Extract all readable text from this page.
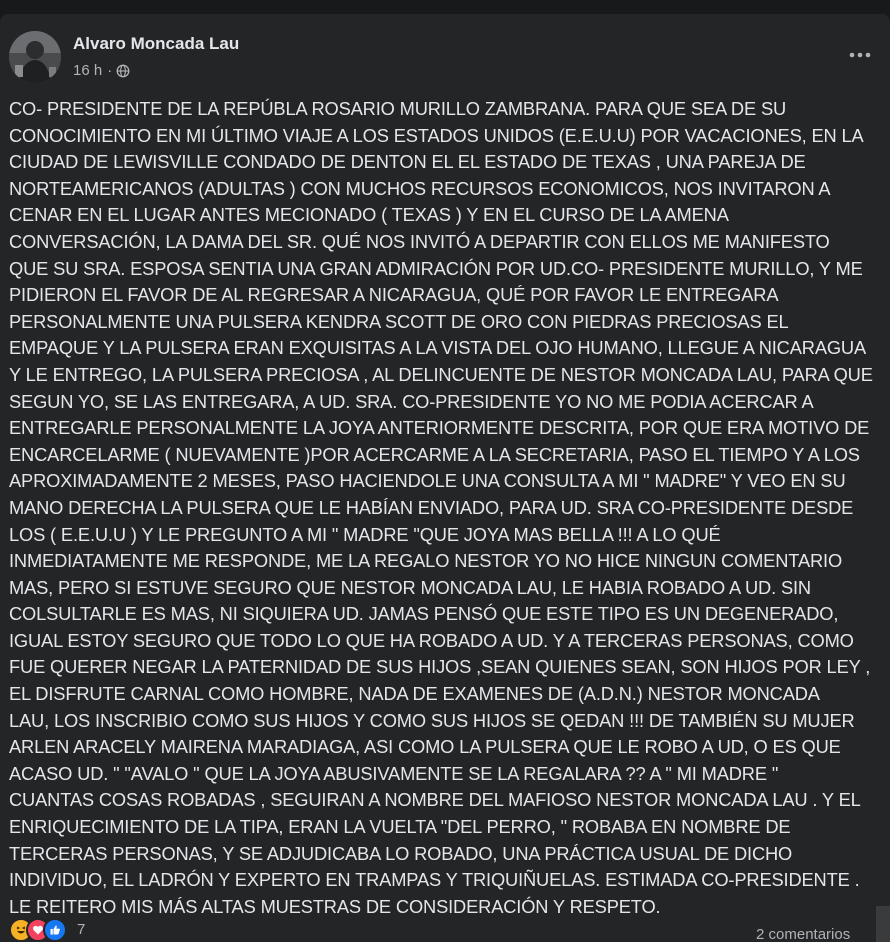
Alvaro Moncada Lau
16 h ·

CO- PRESIDENTE DE LA REPÚBLA ROSARIO MURILLO ZAMBRANA. PARA QUE SEA DE SU
CONOCIMIENTO EN MI ÚLTIMO VIAJE A LOS ESTADOS UNIDOS (E.E.U.U) POR VACACIONES, EN LA
CIUDAD DE LEWISVILLE CONDADO DE DENTON EL EL ESTADO DE TEXAS , UNA PAREJA DE
NORTEAMERICANOS (ADULTAS ) CON MUCHOS RECURSOS ECONOMICOS, NOS INVITARON A
CENAR EN EL LUGAR ANTES MECIONADO ( TEXAS ) Y EN EL CURSO DE LA AMENA
CONVERSACIÓN, LA DAMA DEL SR. QUÉ NOS INVITÓ A DEPARTIR CON ELLOS ME MANIFESTO
QUE SU SRA. ESPOSA SENTIA UNA GRAN ADMIRACIÓN POR UD.CO- PRESIDENTE MURILLO, Y ME
PIDIERON EL FAVOR DE AL REGRESAR A NICARAGUA, QUÉ POR FAVOR LE ENTREGARA
PERSONALMENTE UNA PULSERA KENDRA SCOTT DE ORO CON PIEDRAS PRECIOSAS EL
EMPAQUE Y LA PULSERA ERAN EXQUISITAS A LA VISTA DEL OJO HUMANO, LLEGUE A NICARAGUA
Y LE ENTREGO, LA PULSERA PRECIOSA , AL DELINCUENTE DE NESTOR MONCADA LAU, PARA QUE
SEGUN YO, SE LAS ENTREGARA, A UD. SRA. CO-PRESIDENTE YO NO ME PODIA ACERCAR A
ENTREGARLE PERSONALMENTE LA JOYA ANTERIORMENTE DESCRITA, POR QUE ERA MOTIVO DE
ENCARCELARME ( NUEVAMENTE )POR ACERCARME A LA SECRETARIA, PASO EL TIEMPO Y A LOS
APROXIMADAMENTE 2 MESES, PASO HACIENDOLE UNA CONSULTA A MI " MADRE" Y VEO EN SU
MANO DERECHA LA PULSERA QUE LE HABÍAN ENVIADO, PARA UD. SRA CO-PRESIDENTE DESDE
LOS ( E.E.U.U ) Y LE PREGUNTO A MI " MADRE "QUE JOYA MAS BELLA !!! A LO QUÉ
INMEDIATAMENTE ME RESPONDE, ME LA REGALO NESTOR YO NO HICE NINGUN COMENTARIO
MAS, PERO SI ESTUVE SEGURO QUE NESTOR MONCADA LAU, LE HABIA ROBADO A UD. SIN
COLSULTARLE ES MAS, NI SIQUIERA UD. JAMAS PENSÓ QUE ESTE TIPO ES UN DEGENERADO,
IGUAL ESTOY SEGURO QUE TODO LO QUE HA ROBADO A UD. Y A TERCERAS PERSONAS, COMO
FUE QUERER NEGAR LA PATERNIDAD DE SUS HIJOS ,SEAN QUIENES SEAN, SON HIJOS POR LEY ,
EL DISFRUTE CARNAL COMO HOMBRE, NADA DE EXAMENES DE (A.D.N.) NESTOR MONCADA
LAU, LOS INSCRIBIO COMO SUS HIJOS Y COMO SUS HIJOS SE QEDAN !!! DE TAMBIÉN SU MUJER
ARLEN ARACELY MAIRENA MARADIAGA, ASI COMO LA PULSERA QUE LE ROBO A UD, O ES QUE
ACASO UD. " "AVALO " QUE LA JOYA ABUSIVAMENTE SE LA REGALARA ?? A " MI MADRE "
CUANTAS COSAS ROBADAS , SEGUIRAN A NOMBRE DEL MAFIOSO NESTOR MONCADA LAU . Y EL
ENRIQUECIMIENTO DE LA TIPA, ERAN LA VUELTA "DEL PERRO, " ROBABA EN NOMBRE DE
TERCERAS PERSONAS, Y SE ADJUDICABA LO ROBADO, UNA PRÁCTICA USUAL DE DICHO
INDIVIDUO, EL LADRÓN Y EXPERTO EN TRAMPAS Y TRIQUIÑUELAS. ESTIMADA CO-PRESIDENTE .
LE REITERO MIS MÁS ALTAS MUESTRAS DE CONSIDERACIÓN Y RESPETO.

7	2 comentarios
